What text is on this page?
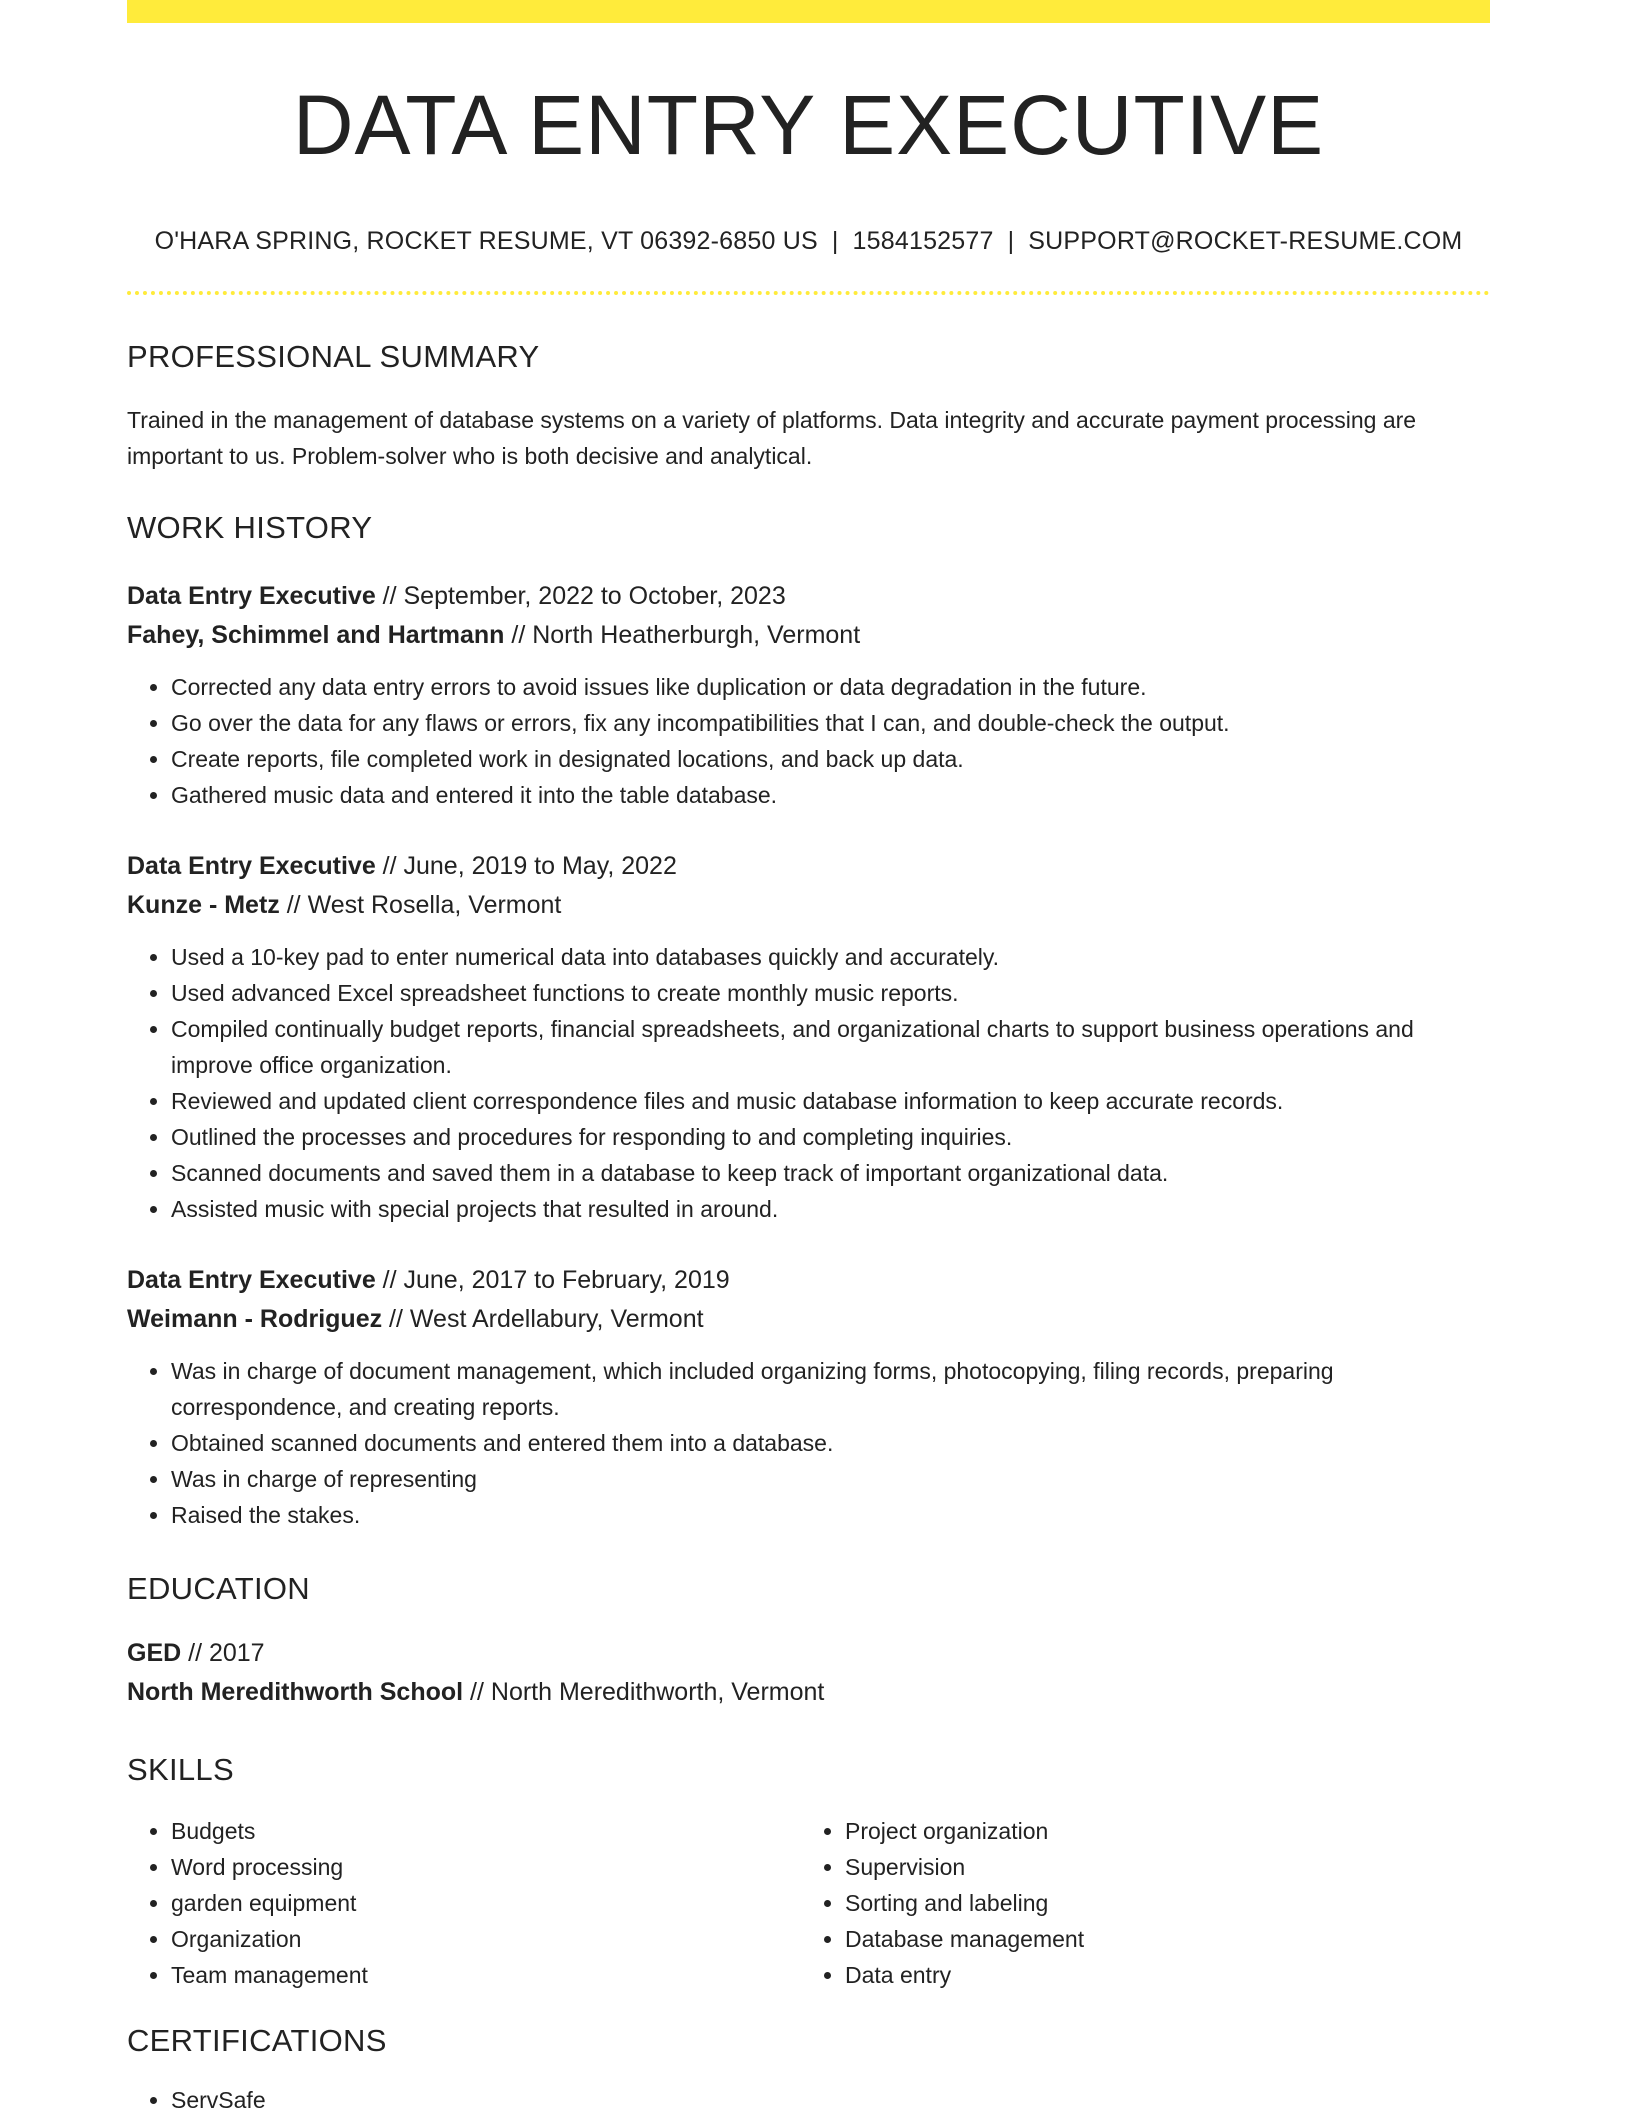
DATA ENTRY EXECUTIVE
O'HARA SPRING, ROCKET RESUME, VT 06392-6850 US | 1584152577 | SUPPORT@ROCKET-RESUME.COM
PROFESSIONAL SUMMARY
Trained in the management of database systems on a variety of platforms. Data integrity and accurate payment processing are important to us. Problem-solver who is both decisive and analytical.
WORK HISTORY
Data Entry Executive // September, 2022 to October, 2023
Fahey, Schimmel and Hartmann // North Heatherburgh, Vermont
• Corrected any data entry errors to avoid issues like duplication or data degradation in the future.
• Go over the data for any flaws or errors, fix any incompatibilities that I can, and double-check the output.
• Create reports, file completed work in designated locations, and back up data.
• Gathered music data and entered it into the table database.
Data Entry Executive // June, 2019 to May, 2022
Kunze - Metz // West Rosella, Vermont
• Used a 10-key pad to enter numerical data into databases quickly and accurately.
• Used advanced Excel spreadsheet functions to create monthly music reports.
• Compiled continually budget reports, financial spreadsheets, and organizational charts to support business operations and improve office organization.
• Reviewed and updated client correspondence files and music database information to keep accurate records.
• Outlined the processes and procedures for responding to and completing inquiries.
• Scanned documents and saved them in a database to keep track of important organizational data.
• Assisted music with special projects that resulted in around.
Data Entry Executive // June, 2017 to February, 2019
Weimann - Rodriguez // West Ardellabury, Vermont
• Was in charge of document management, which included organizing forms, photocopying, filing records, preparing correspondence, and creating reports.
• Obtained scanned documents and entered them into a database.
• Was in charge of representing
• Raised the stakes.
EDUCATION
GED // 2017
North Meredithworth School // North Meredithworth, Vermont
SKILLS
• Budgets
• Word processing
• garden equipment
• Organization
• Team management
• Project organization
• Supervision
• Sorting and labeling
• Database management
• Data entry
CERTIFICATIONS
• ServSafe
